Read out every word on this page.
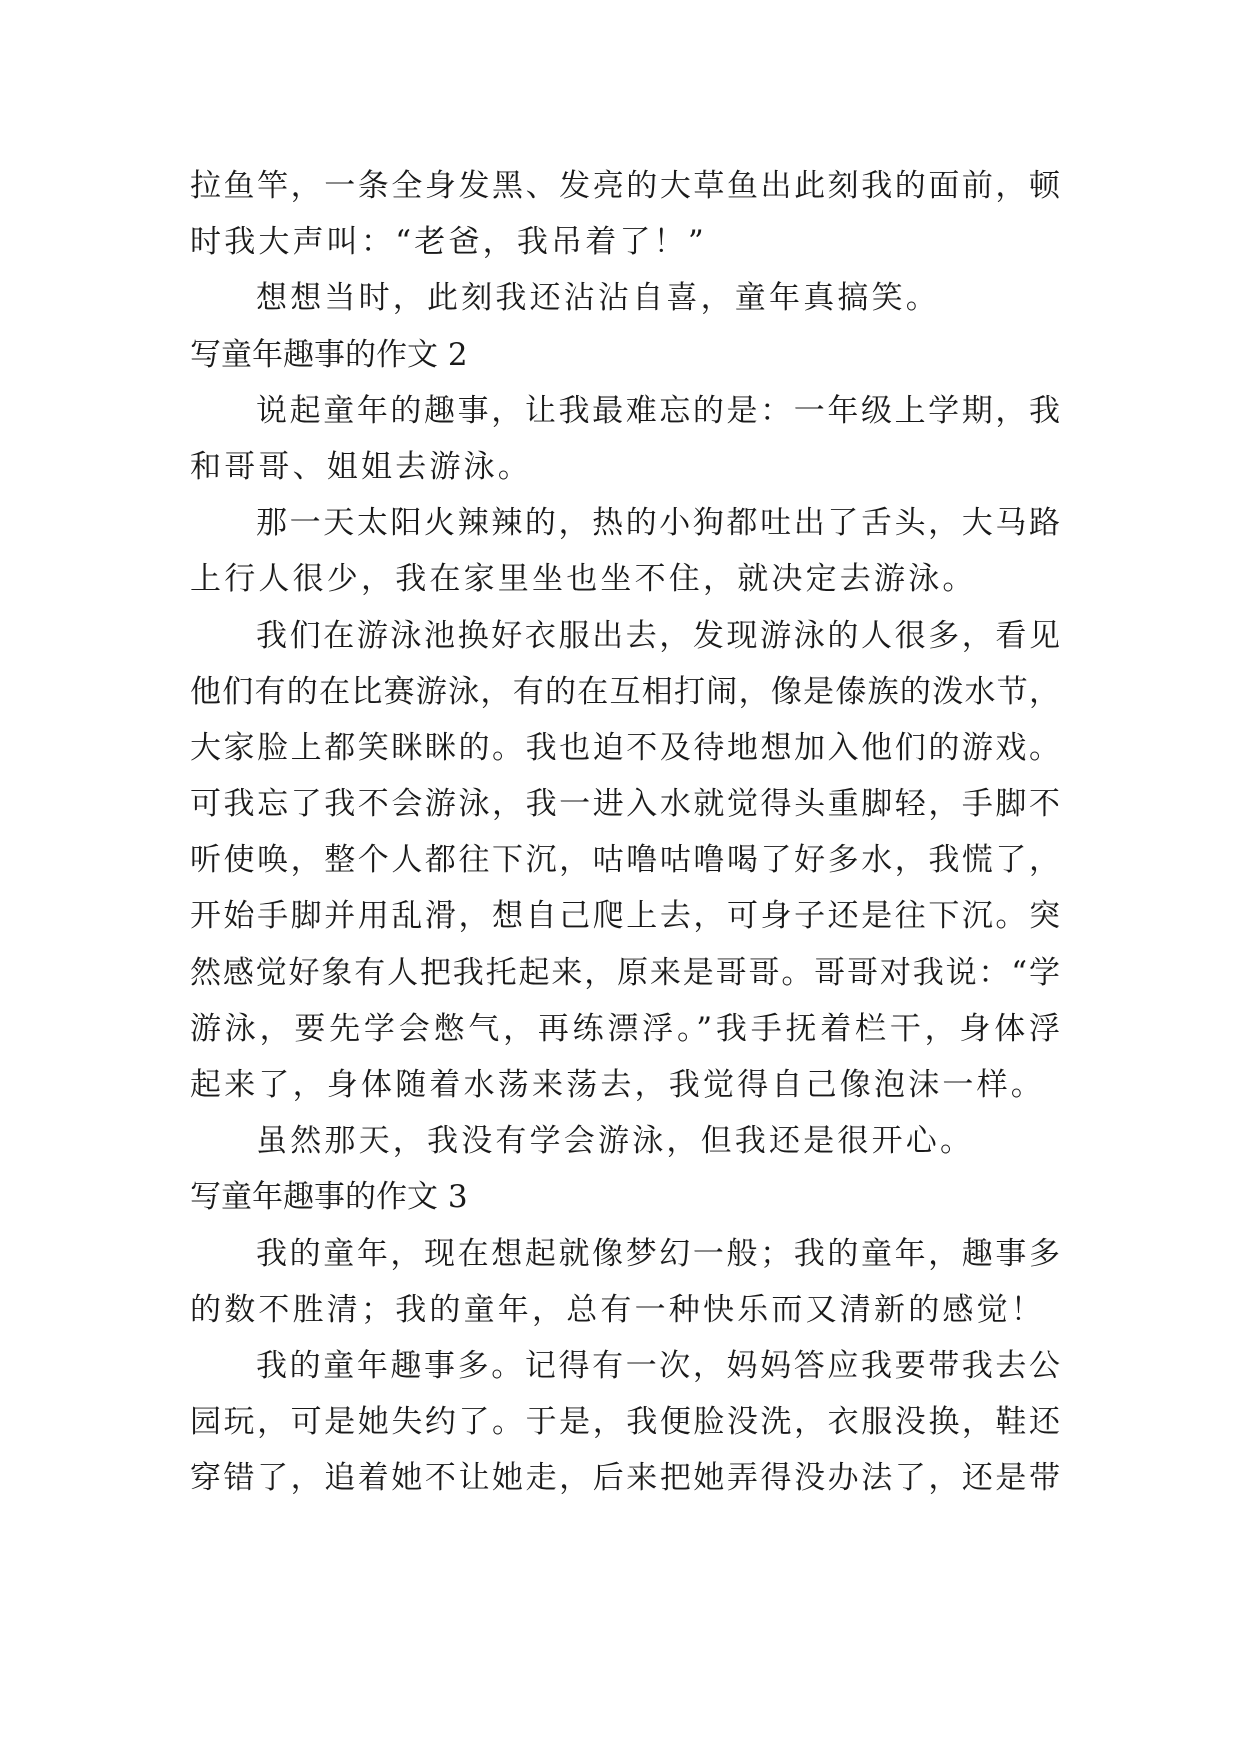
拉鱼竿，一条全身发黑、发亮的大草鱼出此刻我的面前，顿
时我大声叫：“老爸，我吊着了！”
想想当时，此刻我还沾沾自喜，童年真搞笑。
写童年趣事的作文 2
说起童年的趣事，让我最难忘的是：一年级上学期，我
和哥哥、姐姐去游泳。
那一天太阳火辣辣的，热的小狗都吐出了舌头，大马路
上行人很少，我在家里坐也坐不住，就决定去游泳。
我们在游泳池换好衣服出去，发现游泳的人很多，看见
他们有的在比赛游泳，有的在互相打闹，像是傣族的泼水节，
大家脸上都笑眯眯的。我也迫不及待地想加入他们的游戏。
可我忘了我不会游泳，我一进入水就觉得头重脚轻，手脚不
听使唤，整个人都往下沉，咕噜咕噜喝了好多水，我慌了，
开始手脚并用乱滑，想自己爬上去，可身子还是往下沉。突
然感觉好象有人把我托起来，原来是哥哥。哥哥对我说：“学
游泳，要先学会憋气，再练漂浮。”我手抚着栏干，身体浮
起来了，身体随着水荡来荡去，我觉得自己像泡沫一样。
虽然那天，我没有学会游泳，但我还是很开心。
写童年趣事的作文 3
我的童年，现在想起就像梦幻一般；我的童年，趣事多
的数不胜清；我的童年，总有一种快乐而又清新的感觉！
我的童年趣事多。记得有一次，妈妈答应我要带我去公
园玩，可是她失约了。于是，我便脸没洗，衣服没换，鞋还
穿错了，追着她不让她走，后来把她弄得没办法了，还是带
